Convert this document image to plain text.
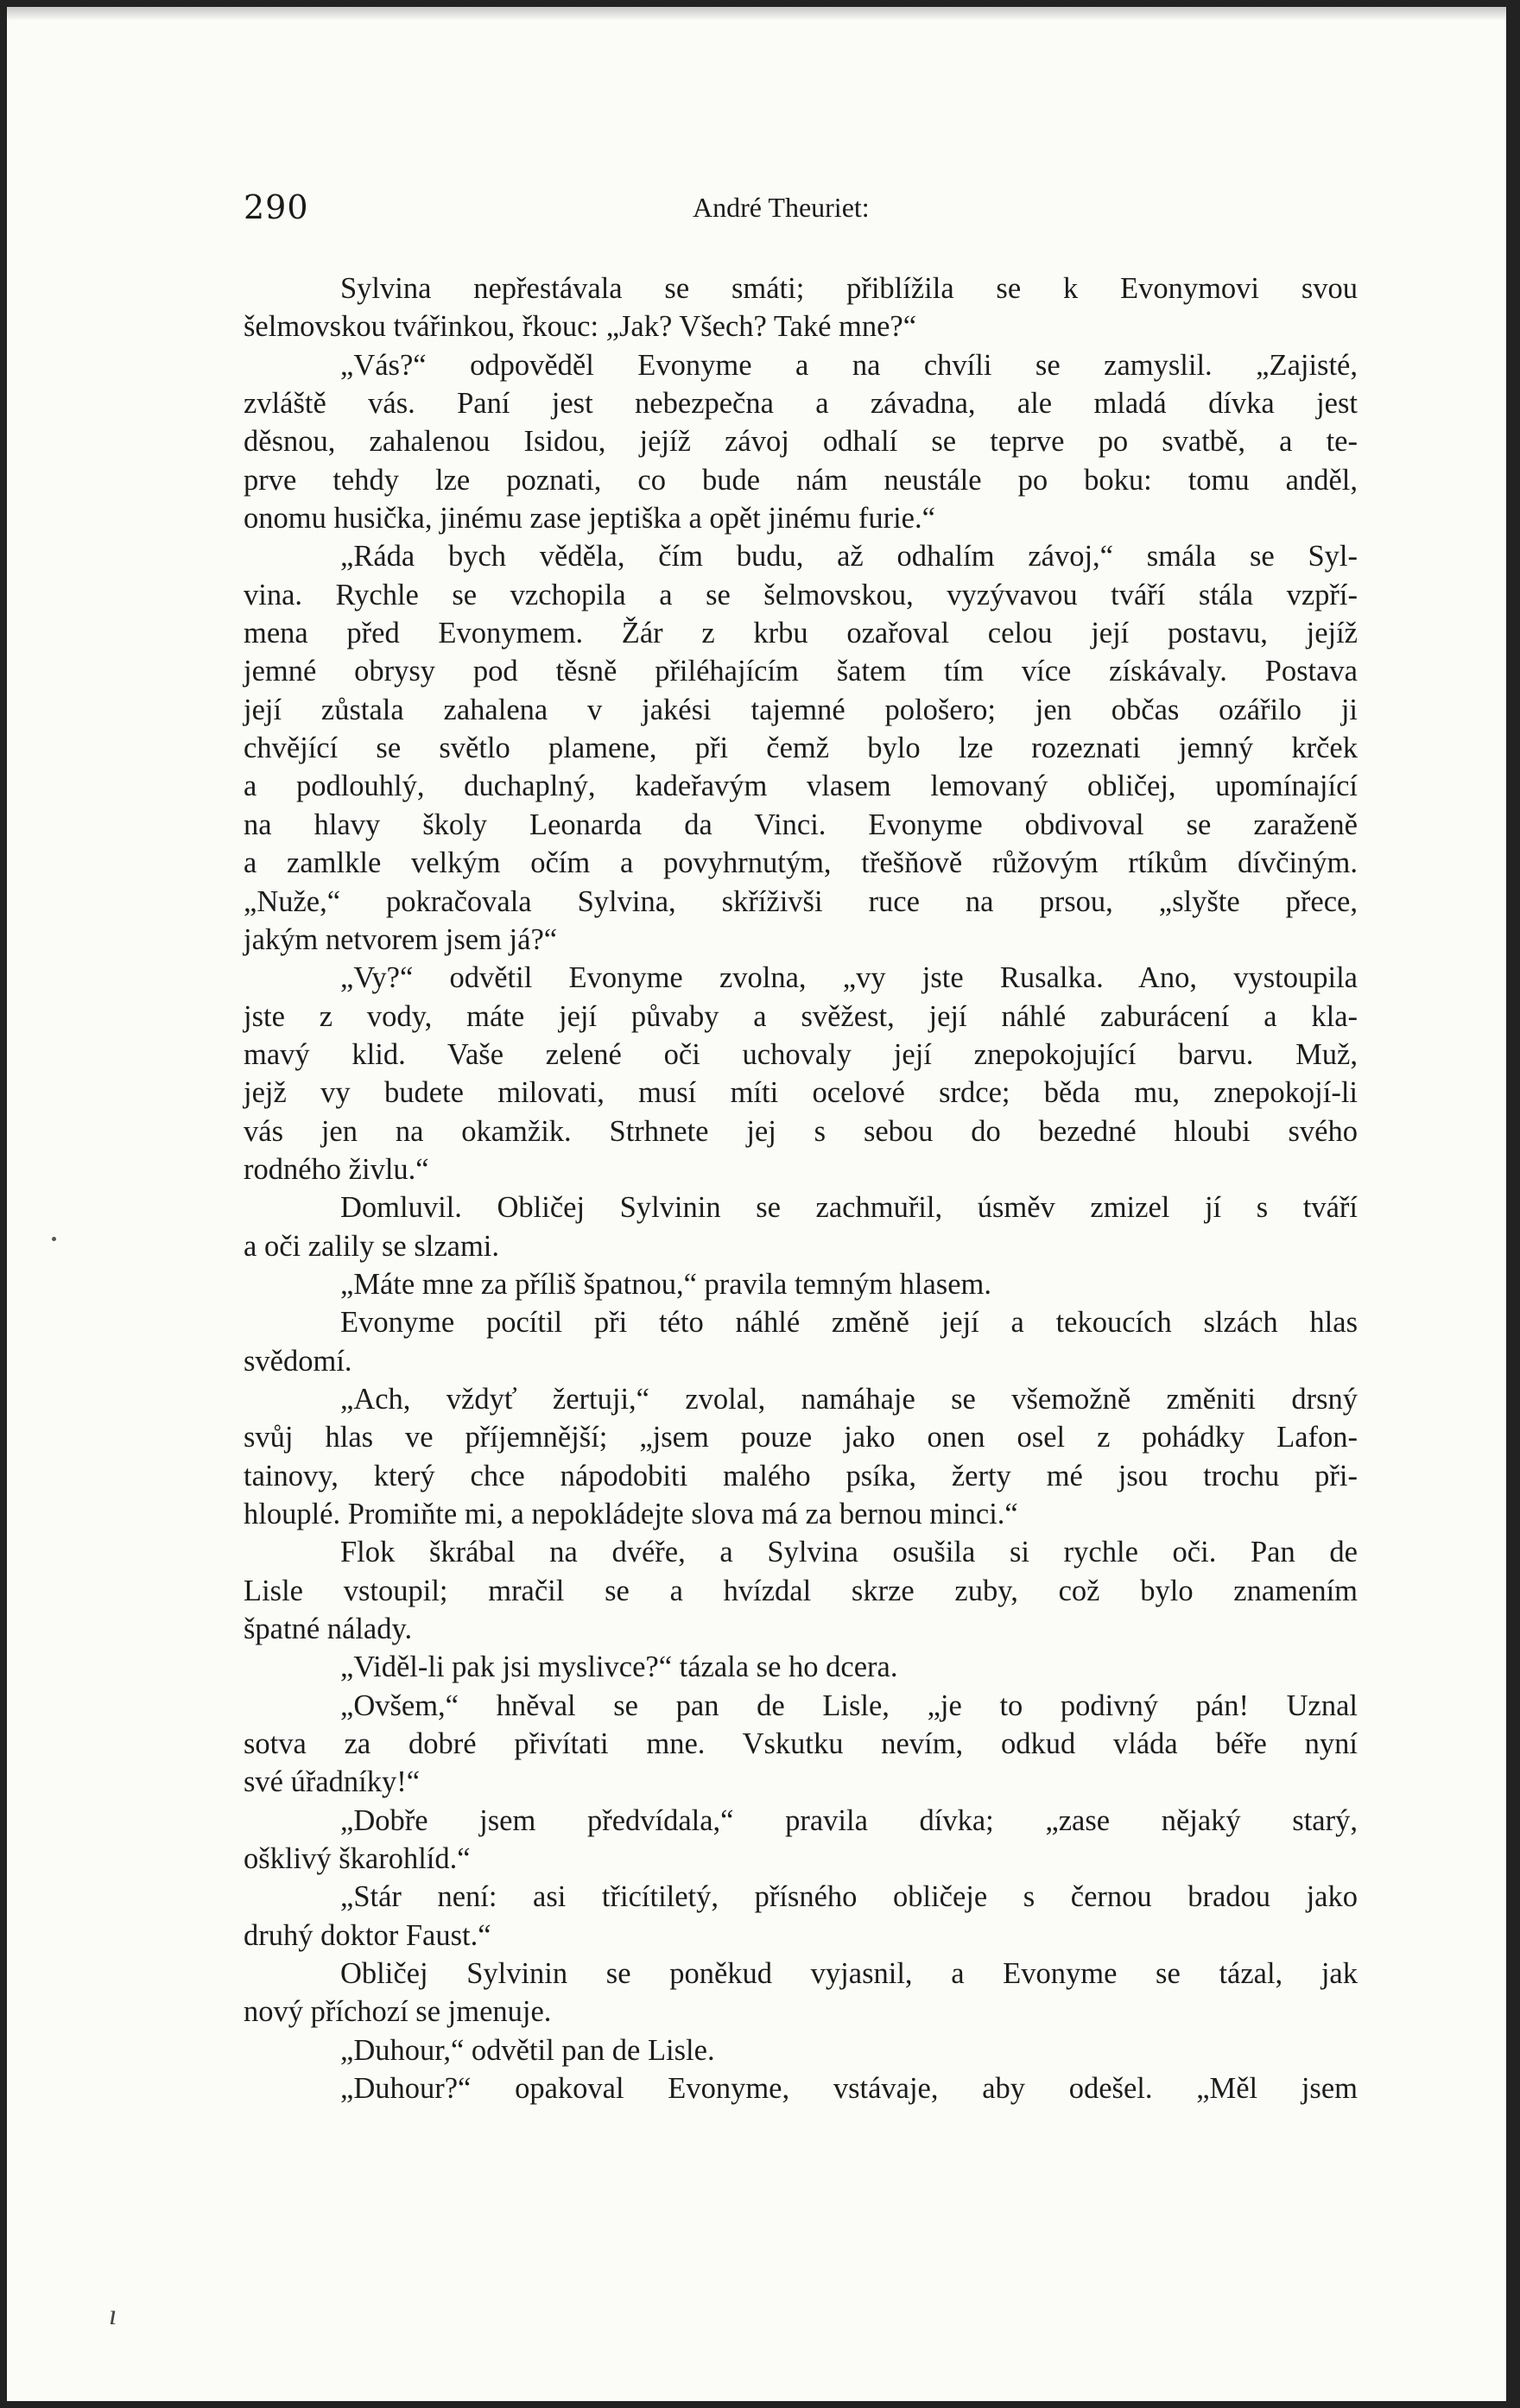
290	André Theuriet:
Sylvina nepřestávala se smáti; přiblížila se k Evonymovi svou
šelmovskou tvářinkou, řkouc: „Jak? Všech? Také mne?“
„Vás?“ odpověděl Evonyme a na chvíli se zamyslil. „Zajisté,
zvláště vás. Paní jest nebezpečna a závadna, ale mladá dívka jest
děsnou, zahalenou Isidou, jejíž závoj odhalí se teprve po svatbě, a te-
prve tehdy lze poznati, co bude nám neustále po boku: tomu anděl,
onomu husička, jinému zase jeptiška a opět jinému furie.“
„Ráda bych věděla, čím budu, až odhalím závoj,“ smála se Syl-
vina. Rychle se vzchopila a se šelmovskou, vyzývavou tváří stála vzpří-
mena před Evonymem. Žár z krbu ozařoval celou její postavu, jejíž
jemné obrysy pod těsně přiléhajícím šatem tím více získávaly. Postava
její zůstala zahalena v jakési tajemné pološero; jen občas ozářilo ji
chvějící se světlo plamene, při čemž bylo lze rozeznati jemný krček
a podlouhlý, duchaplný, kadeřavým vlasem lemovaný obličej, upomínající
na hlavy školy Leonarda da Vinci. Evonyme obdivoval se zaraženě
a zamlkle velkým očím a povyhrnutým, třešňově růžovým rtíkům dívčiným.
„Nuže,“ pokračovala Sylvina, skříživši ruce na prsou, „slyšte přece,
jakým netvorem jsem já?“
„Vy?“ odvětil Evonyme zvolna, „vy jste Rusalka. Ano, vystoupila
jste z vody, máte její půvaby a svěžest, její náhlé zaburácení a kla-
mavý klid. Vaše zelené oči uchovaly její znepokojující barvu. Muž,
jejž vy budete milovati, musí míti ocelové srdce; běda mu, znepokojí-li
vás jen na okamžik. Strhnete jej s sebou do bezedné hloubi svého
rodného živlu.“
Domluvil. Obličej Sylvinin se zachmuřil, úsměv zmizel jí s tváří
a oči zalily se slzami.
„Máte mne za příliš špatnou,“ pravila temným hlasem.
Evonyme pocítil při této náhlé změně její a tekoucích slzách hlas
svědomí.
„Ach, vždyť žertuji,“ zvolal, namáhaje se všemožně změniti drsný
svůj hlas ve příjemnější; „jsem pouze jako onen osel z pohádky Lafon-
tainovy, který chce nápodobiti malého psíka, žerty mé jsou trochu při-
hlouplé. Promiňte mi, a nepokládejte slova má za bernou minci.“
Flok škrábal na dvéře, a Sylvina osušila si rychle oči. Pan de
Lisle vstoupil; mračil se a hvízdal skrze zuby, což bylo znamením
špatné nálady.
„Viděl-li pak jsi myslivce?“ tázala se ho dcera.
„Ovšem,“ hněval se pan de Lisle, „je to podivný pán! Uznal
sotva za dobré přivítati mne. Vskutku nevím, odkud vláda béře nyní
své úřadníky!“
„Dobře jsem předvídala,“ pravila dívka; „zase nějaký starý,
ošklivý škarohlíd.“
„Stár není: asi třicítiletý, přísného obličeje s černou bradou jako
druhý doktor Faust.“
Obličej Sylvinin se poněkud vyjasnil, a Evonyme se tázal, jak
nový příchozí se jmenuje.
„Duhour,“ odvětil pan de Lisle.
„Duhour?“ opakoval Evonyme, vstávaje, aby odešel. „Měl jsem
ı
